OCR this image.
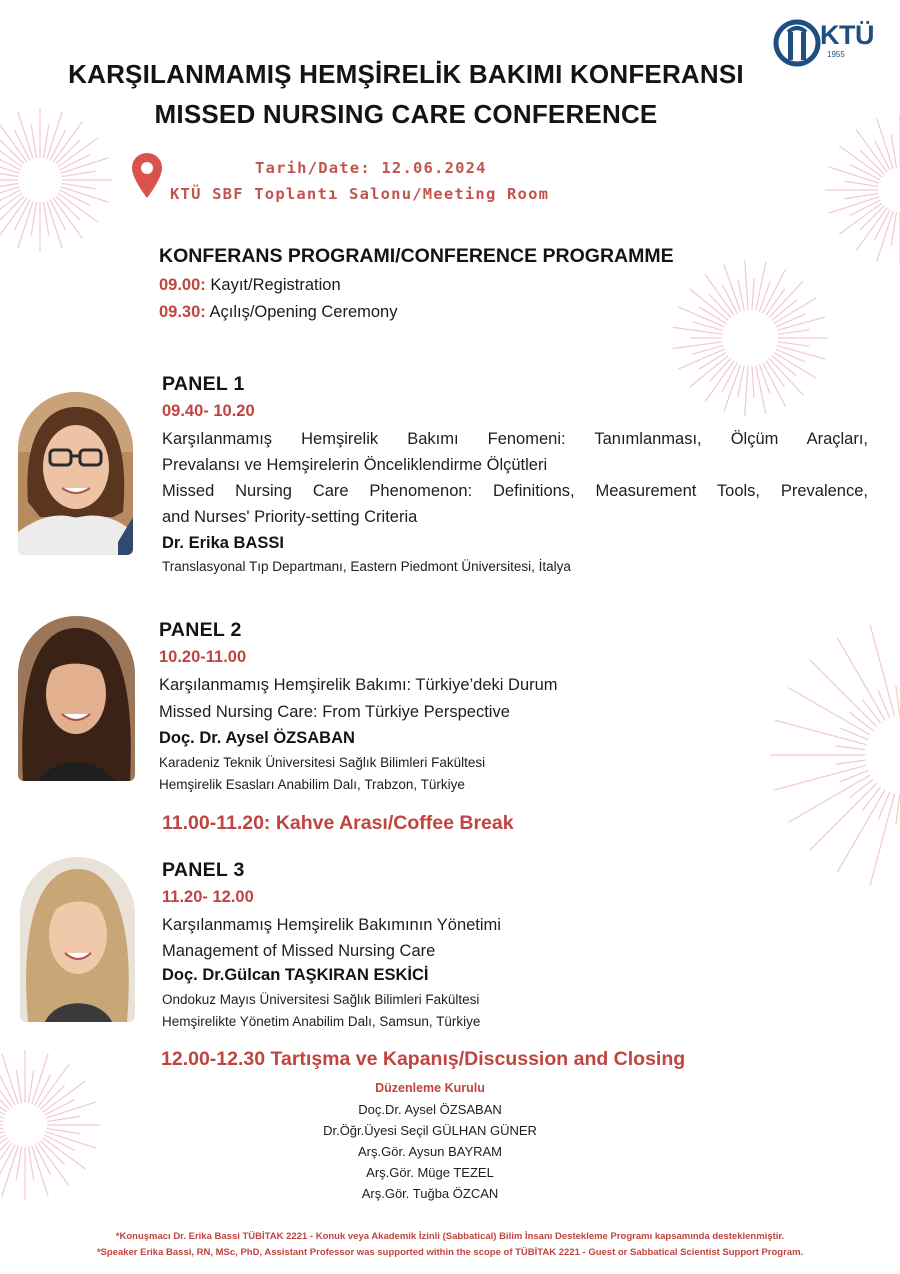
KTÜ
1955
KARŞILANMAMIŞ HEMŞİRELİK BAKIMI KONFERANSI
MISSED NURSING CARE CONFERENCE
Tarih/Date: 12.06.2024
KTÜ SBF Toplantı Salonu/Meeting Room
KONFERANS PROGRAMI/CONFERENCE PROGRAMME
09.00: Kayıt/Registration
09.30: Açılış/Opening Ceremony
PANEL 1
09.40- 10.20
Karşılanmamış Hemşirelik Bakımı Fenomeni: Tanımlanması, Ölçüm Araçları,
Prevalansı ve Hemşirelerin Önceliklendirme Ölçütleri
Missed Nursing Care Phenomenon: Definitions, Measurement Tools, Prevalence,
and Nurses' Priority-setting Criteria
Dr. Erika BASSI
Translasyonal Tıp Departmanı, Eastern Piedmont Üniversitesi, İtalya
PANEL 2
10.20-11.00
Karşılanmamış Hemşirelik Bakımı: Türkiye’deki Durum
Missed Nursing Care: From Türkiye Perspective
Doç. Dr. Aysel ÖZSABAN
Karadeniz Teknik Üniversitesi Sağlık Bilimleri Fakültesi
Hemşirelik Esasları Anabilim Dalı, Trabzon, Türkiye
11.00-11.20: Kahve Arası/Coffee Break
PANEL 3
11.20- 12.00
Karşılanmamış Hemşirelik Bakımının Yönetimi
Management of Missed Nursing Care
Doç. Dr.Gülcan TAŞKIRAN ESKİCİ
Ondokuz Mayıs Üniversitesi Sağlık Bilimleri Fakültesi
Hemşirelikte Yönetim Anabilim Dalı, Samsun, Türkiye
12.00-12.30 Tartışma ve Kapanış/Discussion and Closing
Düzenleme Kurulu
Doç.Dr. Aysel ÖZSABAN
Dr.Öğr.Üyesi Seçil GÜLHAN GÜNER
Arş.Gör. Aysun BAYRAM
Arş.Gör. Müge TEZEL
Arş.Gör. Tuğba ÖZCAN
*Konuşmacı Dr. Erika Bassi TÜBİTAK 2221 - Konuk veya Akademik İzinli (Sabbatical) Bilim İnsanı Destekleme Programı kapsamında desteklenmiştir.
*Speaker Erika Bassi, RN, MSc, PhD, Assistant Professor was supported within the scope of TÜBİTAK 2221 - Guest or Sabbatical Scientist Support Program.
